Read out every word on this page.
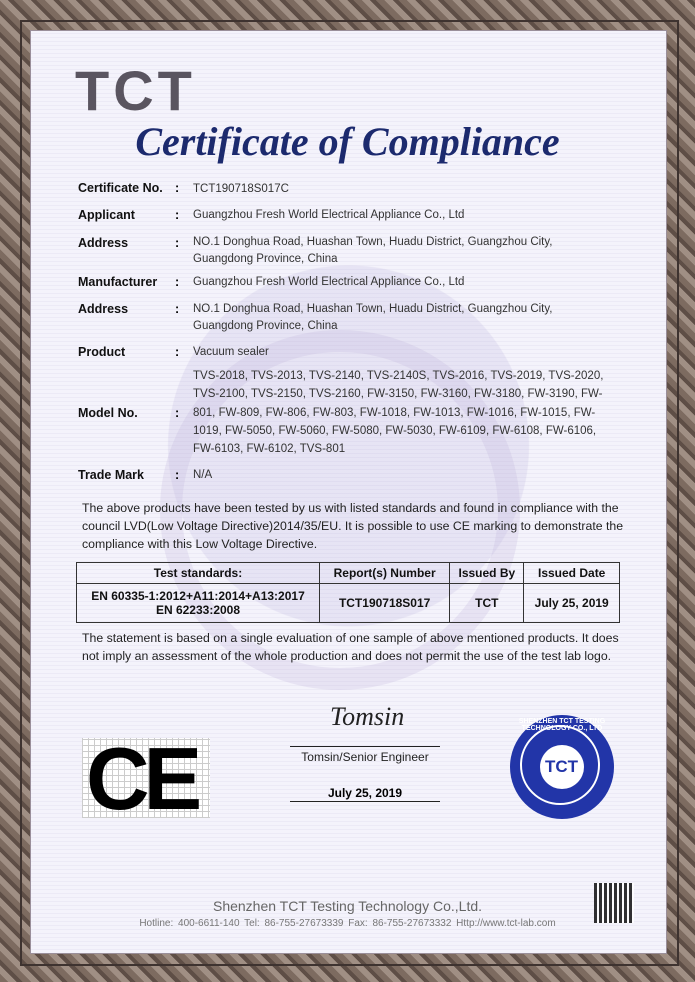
TCT
Certificate of Compliance
Certificate No. : TCT190718S017C
Applicant	: Guangzhou Fresh World Electrical Appliance Co., Ltd
Address	: NO.1 Donghua Road, Huashan Town, Huadu District, Guangzhou City, Guangdong Province, China
Manufacturer : Guangzhou Fresh World Electrical Appliance Co., Ltd
Address	: NO.1 Donghua Road, Huashan Town, Huadu District, Guangzhou City, Guangdong Province, China
Product	: Vacuum sealer
Model No.	:
TVS-2018, TVS-2013, TVS-2140, TVS-2140S, TVS-2016, TVS-2019, TVS-2020, TVS-2100, TVS-2150, TVS-2160, FW-3150, FW-3160, FW-3180, FW-3190, FW-801, FW-809, FW-806, FW-803, FW-1018, FW-1013, FW-1016, FW-1015, FW-1019, FW-5050, FW-5060, FW-5080, FW-5030, FW-6109, FW-6108, FW-6106, FW-6103, FW-6102, TVS-801
Trade Mark : N/A
The above products have been tested by us with listed standards and found in compliance with the council LVD(Low Voltage Directive)2014/35/EU. It is possible to use CE marking to demonstrate the compliance with this Low Voltage Directive.
Test standards:	Report(s) Number	Issued By	Issued Date

EN 60335-1:2012+A11:2014+A13:2017
EN 62233:2008	TCT190718S017	TCT	July 25, 2019
The statement is based on a single evaluation of one sample of above mentioned products. It does not imply an assessment of the whole production and does not permit the use of the test lab logo.
CE
Tomsin
Tomsin/Senior Engineer
July 25, 2019
SHENZHEN TCT TESTING TECHNOLOGY CO., LTD
TCT
Shenzhen TCT Testing Technology Co.,Ltd.
Hotline: 400-6611-140 Tel: 86-755-27673339 Fax: 86-755-27673332 Http://www.tct-lab.com
